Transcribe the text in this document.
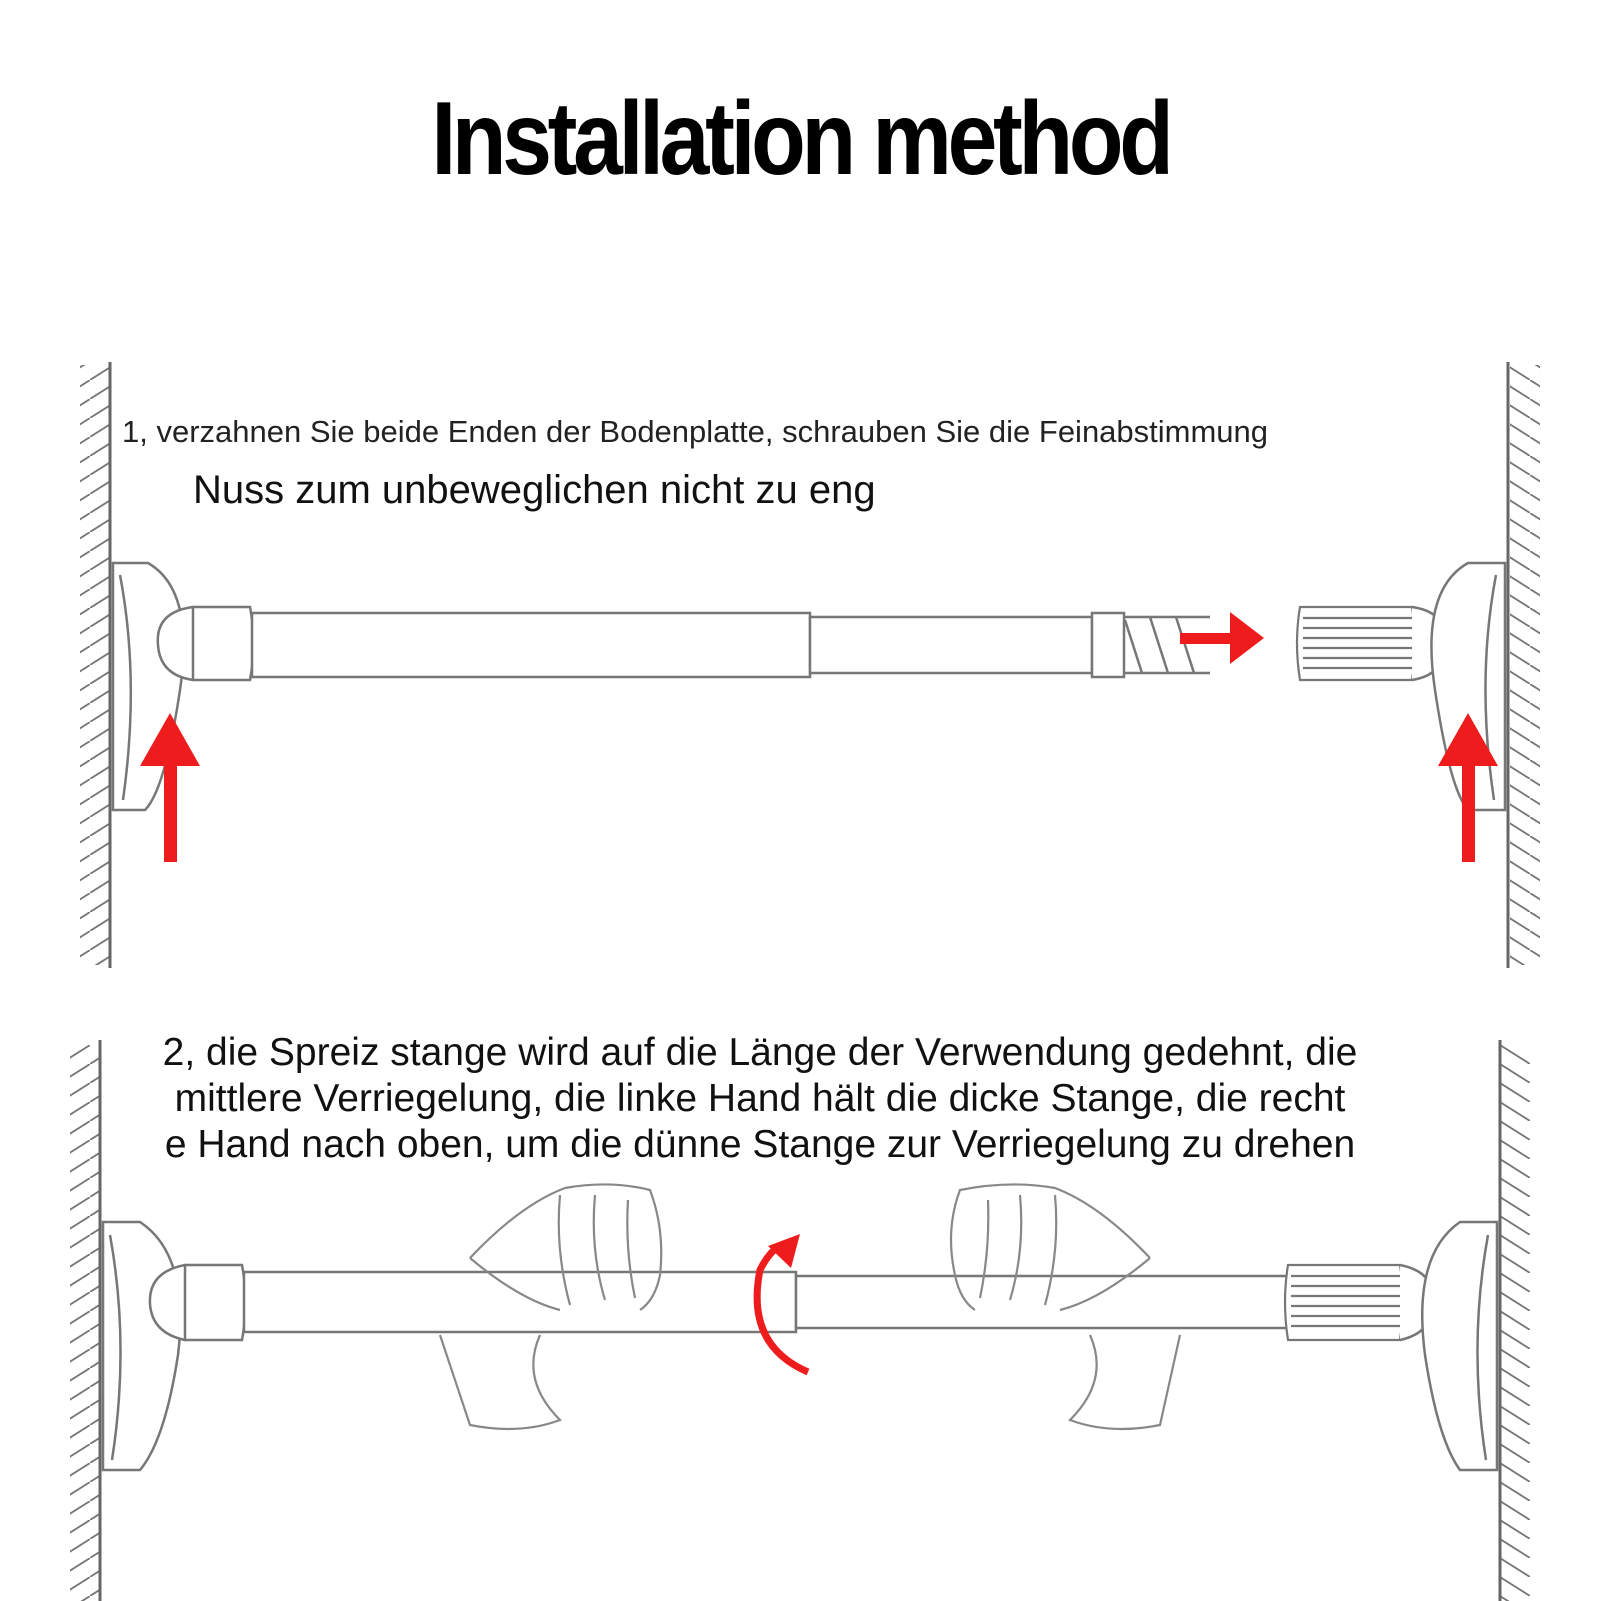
Installation method
1, verzahnen Sie beide Enden der Bodenplatte, schrauben Sie die Feinabstimmung
Nuss zum unbeweglichen nicht zu eng
2, die Spreiz stange wird auf die Länge der Verwendung gedehnt, die
mittlere Verriegelung, die linke Hand hält die dicke Stange, die recht
e Hand nach oben, um die dünne Stange zur Verriegelung zu drehen
